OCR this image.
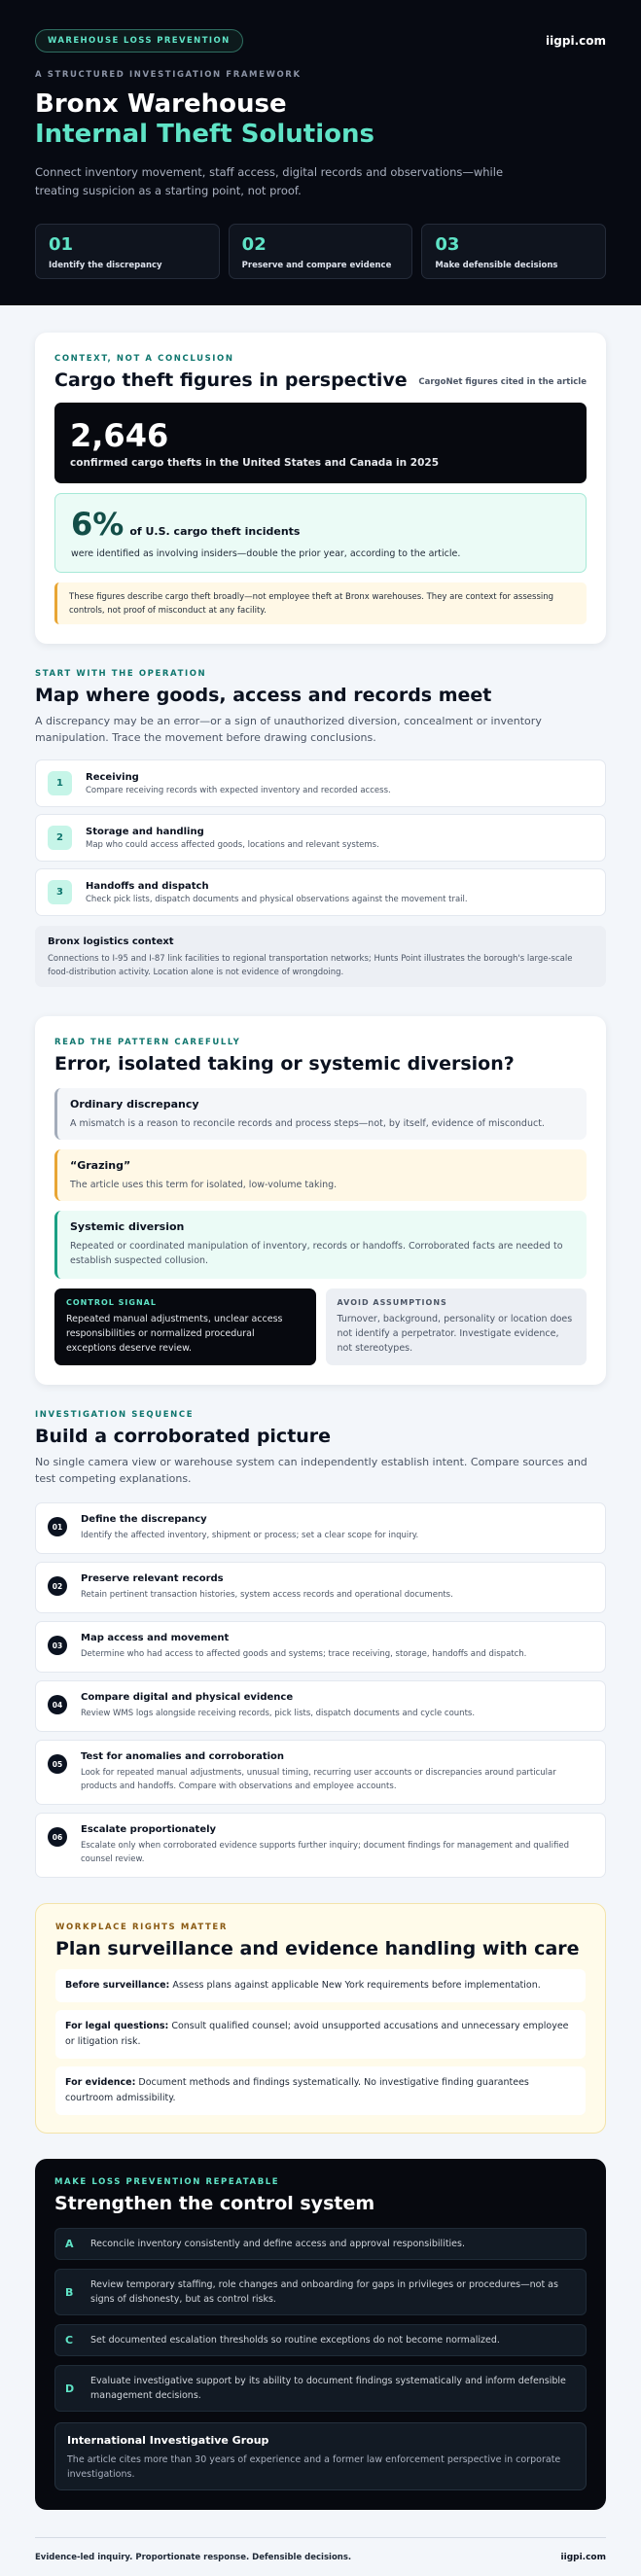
WAREHOUSE LOSS PREVENTION	iigpi.com
A STRUCTURED INVESTIGATION FRAMEWORK
Bronx Warehouse
Internal Theft Solutions

Connect inventory movement, staff access, digital records and observations—while treating suspicion as a starting point, not proof.

01
Identify the discrepancy
02
Preserve and compare evidence
03
Make defensible decisions
CONTEXT, NOT A CONCLUSION
Cargo theft figures in perspective CargoNet figures cited in the article
2,646
confirmed cargo thefts in the United States and Canada in 2025
6% of U.S. cargo theft incidents
were identified as involving insiders—double the prior year, according to the article.
These figures describe cargo theft broadly—not employee theft at Bronx warehouses. They are context for assessing controls, not proof of misconduct at any facility.
START WITH THE OPERATION
Map where goods, access and records meet

A discrepancy may be an error—or a sign of unauthorized diversion, concealment or inventory manipulation. Trace the movement before drawing conclusions.

1
Receiving
Compare receiving records with expected inventory and recorded access.
2
Storage and handling
Map who could access affected goods, locations and relevant systems.
3
Handoffs and dispatch
Check pick lists, dispatch documents and physical observations against the movement trail.
Bronx logistics context
Connections to I-95 and I-87 link facilities to regional transportation networks; Hunts Point illustrates the borough's large-scale food-distribution activity. Location alone is not evidence of wrongdoing.
READ THE PATTERN CAREFULLY
Error, isolated taking or systemic diversion?
Ordinary discrepancy
A mismatch is a reason to reconcile records and process steps—not, by itself, evidence of misconduct.
“Grazing”
The article uses this term for isolated, low-volume taking.
Systemic diversion
Repeated or coordinated manipulation of inventory, records or handoffs. Corroborated facts are needed to establish suspected collusion.
CONTROL SIGNAL
Repeated manual adjustments, unclear access responsibilities or normalized procedural exceptions deserve review.
AVOID ASSUMPTIONS
Turnover, background, personality or location does not identify a perpetrator. Investigate evidence, not stereotypes.
INVESTIGATION SEQUENCE
Build a corroborated picture

No single camera view or warehouse system can independently establish intent. Compare sources and test competing explanations.

01
Define the discrepancy
Identify the affected inventory, shipment or process; set a clear scope for inquiry.
02
Preserve relevant records
Retain pertinent transaction histories, system access records and operational documents.
03
Map access and movement
Determine who had access to affected goods and systems; trace receiving, storage, handoffs and dispatch.
04
Compare digital and physical evidence
Review WMS logs alongside receiving records, pick lists, dispatch documents and cycle counts.
05
Test for anomalies and corroboration
Look for repeated manual adjustments, unusual timing, recurring user accounts or discrepancies around particular products and handoffs. Compare with observations and employee accounts.
06
Escalate proportionately
Escalate only when corroborated evidence supports further inquiry; document findings for management and qualified counsel review.
WORKPLACE RIGHTS MATTER
Plan surveillance and evidence handling with care
Before surveillance: Assess plans against applicable New York requirements before implementation.
For legal questions: Consult qualified counsel; avoid unsupported accusations and unnecessary employee or litigation risk.
For evidence: Document methods and findings systematically. No investigative finding guarantees courtroom admissibility.
MAKE LOSS PREVENTION REPEATABLE
Strengthen the control system
A	Reconcile inventory consistently and define access and approval responsibilities.
B
Review temporary staffing, role changes and onboarding for gaps in privileges or procedures—not as signs of dishonesty, but as control risks.
C	Set documented escalation thresholds so routine exceptions do not become normalized.
D
Evaluate investigative support by its ability to document findings systematically and inform defensible management decisions.
International Investigative Group
The article cites more than 30 years of experience and a former law enforcement perspective in corporate investigations.
Evidence-led inquiry. Proportionate response. Defensible decisions.	iigpi.com
